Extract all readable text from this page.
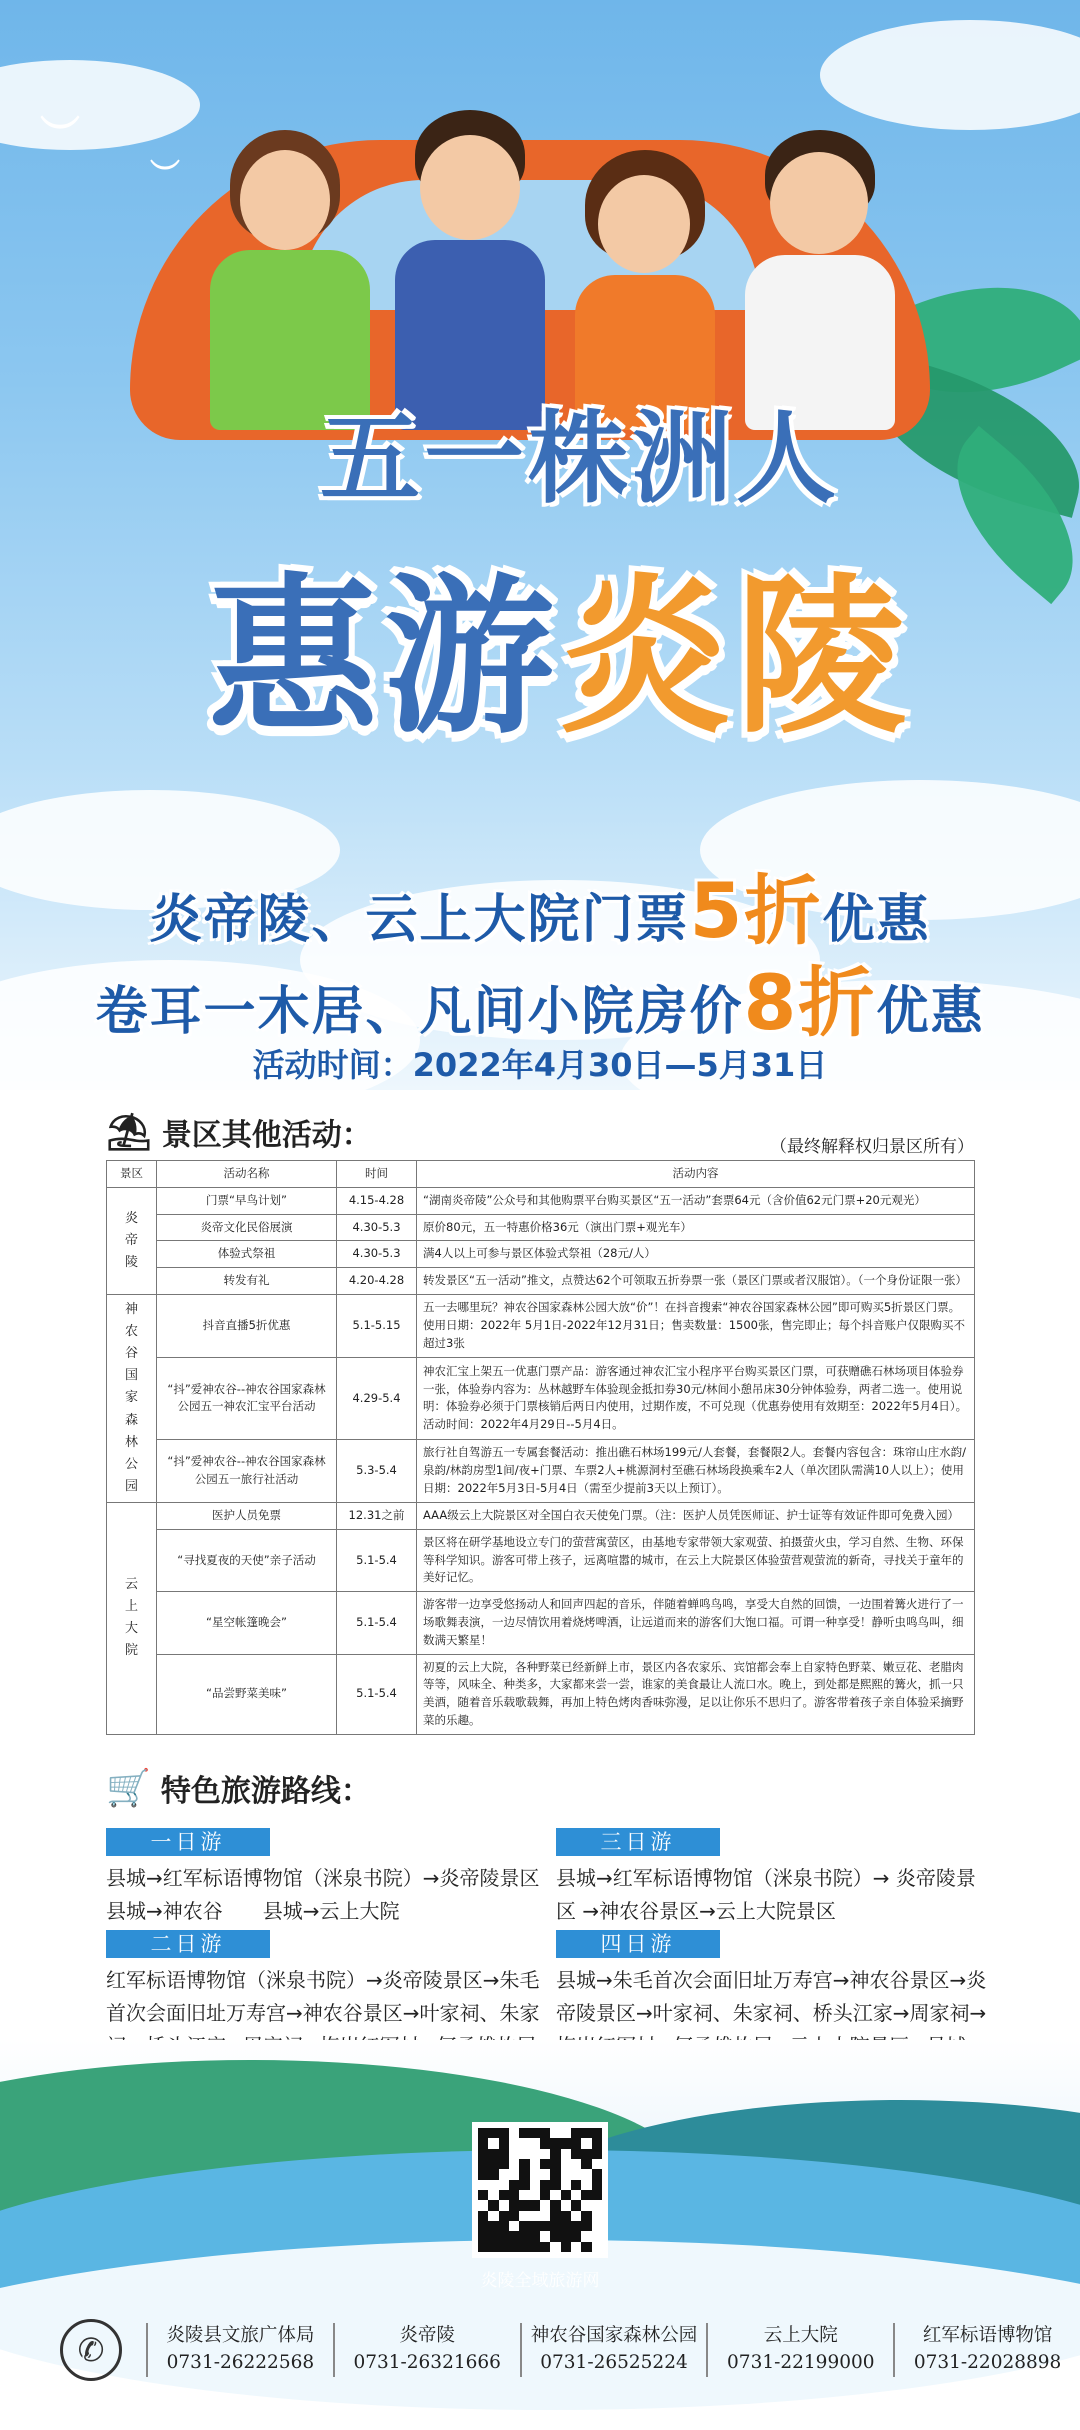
︶
︶
五一株洲人
惠游 炎陵
炎帝陵、云上大院门票5折优惠
卷耳一木居、凡间小院房价8折优惠
活动时间：2022年4月30日—5月31日
⛱ 景区其他活动：	（最终解释权归景区所有）
景区	活动名称	时间	活动内容

炎帝陵	门票“早鸟计划”	4.15-4.28	“湖南炎帝陵”公众号和其他购票平台购买景区“五一活动”套票64元（含价值62元门票+20元观光）
	炎帝文化民俗展演	4.30-5.3	原价80元，五一特惠价格36元（演出门票+观光车）
	体验式祭祖	4.30-5.3	满4人以上可参与景区体验式祭祖（28元/人）
	转发有礼	4.20-4.28	转发景区“五一活动”推文，点赞达62个可领取五折券票一张（景区门票或者汉服馆）。（一个身份证限一张）

神农谷国家森林公园	抖音直播5折优惠	5.1-5.15	五一去哪里玩？神农谷国家森林公园大放“价”！在抖音搜索“神农谷国家森林公园”即可购买5折景区门票。使用日期：2022年 5月1日-2022年12月31日；售卖数量：1500张，售完即止；每个抖音账户仅限购买不超过3张
	“抖”爱神农谷--神农谷国家森林公园五一神农汇宝平台活动	4.29-5.4	神农汇宝上架五一优惠门票产品：游客通过神农汇宝小程序平台购买景区门票，可获赠礁石林场项目体验券一张，体验券内容为：丛林越野车体验现金抵扣券30元/林间小憩吊床30分钟体验券，两者二选一。使用说明：体验券必须于门票核销后两日内使用，过期作废，不可兑现（优惠券使用有效期至：2022年5月4日）。活动时间：2022年4月29日--5月4日。
	“抖”爱神农谷--神农谷国家森林公园五一旅行社活动	5.3-5.4	旅行社自驾游五一专属套餐活动：推出礁石林场199元/人套餐，套餐限2人。套餐内容包含：珠帘山庄水韵/泉韵/林韵房型1间/夜+门票、车票2人+桃源洞村至礁石林场段换乘车2人（单次团队需满10人以上）；使用日期：2022年5月3日-5月4日（需至少提前3天以上预订）。

云上大院	医护人员免票	12.31之前	AAA级云上大院景区对全国白衣天使免门票。（注：医护人员凭医师证、护士证等有效证件即可免费入园）
	“寻找夏夜的天使”亲子活动	5.1-5.4	景区将在研学基地设立专门的萤营寓萤区，由基地专家带领大家观萤、拍摄萤火虫，学习自然、生物、环保等科学知识。游客可带上孩子，远离喧嚣的城市，在云上大院景区体验萤营观萤流的新奇，寻找关于童年的美好记忆。
	“星空帐篷晚会”	5.1-5.4	游客带一边享受悠扬动人和回声四起的音乐，伴随着蝉鸣鸟鸣，享受大自然的回馈，一边围着篝火进行了一场歌舞表演，一边尽情饮用着烧烤啤酒，让远道而来的游客们大饱口福。可谓一种享受！静听虫鸣鸟叫，细数满天繁星！
	“品尝野菜美味”	5.1-5.4	初夏的云上大院，各种野菜已经新鲜上市，景区内各农家乐、宾馆都会奉上自家特色野菜、嫩豆花、老腊肉等等，风味全、种类多，大家都来尝一尝，谁家的美食最让人流口水。晚上，到处都是熙熙的篝火，抓一只美酒，随着音乐载歌载舞，再加上特色烤肉香味弥漫，足以让你乐不思归了。游客带着孩子亲自体验采摘野菜的乐趣。
🛒 特色旅游路线：
一日游
县城→红军标语博物馆（洣泉书院）→炎帝陵景区县城→神农谷　　县城→云上大院
三日游
县城→红军标语博物馆（洣泉书院）→ 炎帝陵景区 →神农谷景区→云上大院景区
二日游
红军标语博物馆（洣泉书院）→炎帝陵景区→朱毛首次会面旧址万寿宫→神农谷景区→叶家祠、朱家
四日游
县城→朱毛首次会面旧址万寿宫→神农谷景区→炎帝陵景区→叶家祠、朱家祠、桥头江家→周家祠→
炎陵全域旅游网
✆	炎陵县文旅广体局
0731-26222568
炎帝陵
0731-26321666
神农谷国家森林公园
0731-26525224
云上大院
0731-22199000
红军标语博物馆
0731-22028898
